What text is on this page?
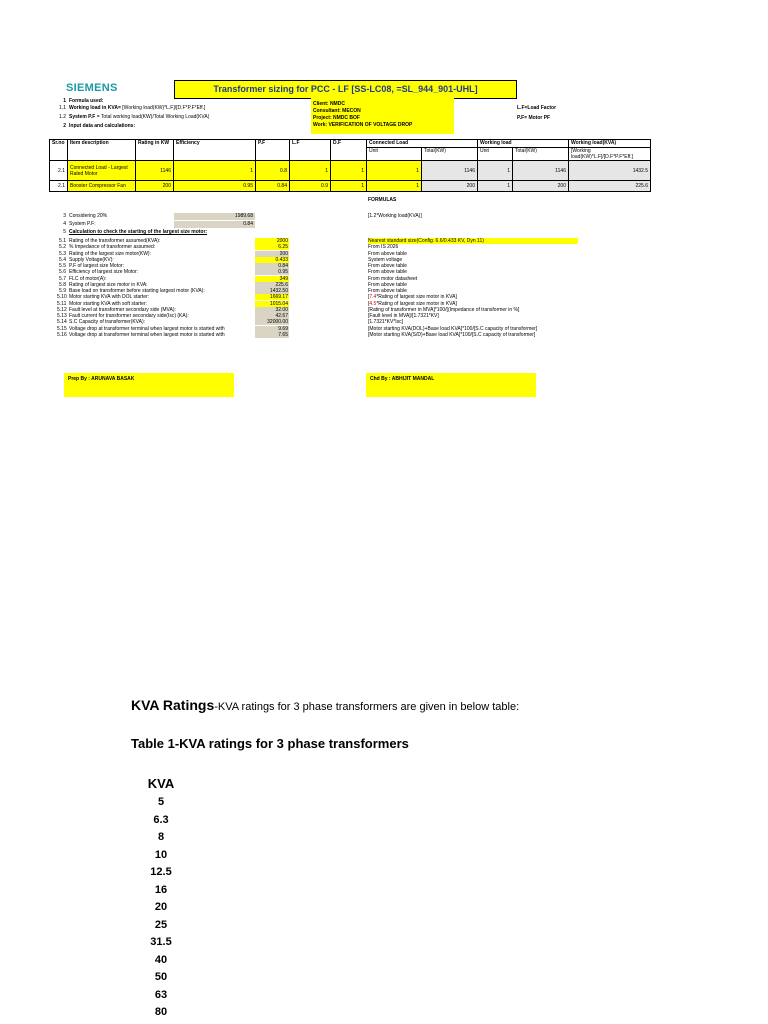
SIEMENS	Transformer sizing for PCC - LF [SS-LC08, =SL_944_901-UHL]
1 Formula used:
1.1 Working load in KVA= [Working load(KW)*L.F]/[D.F*P.F*Eff.]
1.2 System P.F = Total working load(KW)/Total Working Load(KVA)
2 Input data and calculations:
Client: NMDC
Consultant: MECON
Project: NMDC BOF
Work: VERIFICATION OF VOLTAGE DROP
L.F=Load Factor
P.F= Motor PF
Sr.no	Item description	Rating in KW	Efficiency	P.F	L.F	D.F	Connected Load		Working load		Working load(KVA)
							Unit	Total(KW)	Unit	Total(KW)	[Working load(KW)*L.F]/[D.F*P.F*Eff.]
2.1	Connected Load - Largest Rated Motor	1146	1	0.8	1	1	1	1146	1	1146	1432.5
2.1	Booster Compressor Fan	200	0.95	0.84	0.9	1	1	200	1	200	225.6
FORMULAS
3 Considering 20%	1989.68	[1.2*Working load(KVA)]
4 System P.F:	0.84
5 Calculation to check the starting of the largest size motor:
5.1 Rating of the transformer assumed(KVA):	2000	Nearest standard size(Config. 6.6/0.433 KV, Dyn 11)
5.2 % Impedance of transformer assumed:	6.25	From IS 2026
5.3 Rating of the largest size motor(KW):	200	From above table
5.4 Supply Voltage(KV):	0.433	System voltage
5.5 P.F of largest size Motor:	0.84	From above table
5.6 Efficiency of largest size Motor:	0.95	From above table
5.7 FLC of motor(A):	349	From motor datasheet
5.8 Rating of largest size motor in KVA:	225.6	From above table
5.9 Base load on transformer before starting largest motor (KVA):	1432.50	From above table
5.10 Motor starting KVA with DOL starter:	1669.17	[7.4*Rating of largest size motor in KVA]
5.11 Motor starting KVA with soft starter:	1015.04	[4.5*Rating of largest size motor in KVA]
5.12 Fault level at transformer secondary side (MVA):	32.00	[Rating of transformer in MVA]*100/[(Impedance of transformer in %]
5.13 Fault current for transformer secondary side(Isc) (KA):	42.67	[Fault level in MVA]/[1.7321*KV]
5.14 S.C Capacity of transformer(KVA):	32000.00	[1.7321*KV*Isc]
5.15 Voltage drop at transformer terminal when largest motor is started with	9.69	[Motor starting KVA(DOL)+Base load KVA]*100/[S.C capacity of transformer]
5.16 Voltage drop at transformer terminal when largest motor is started with	7.65	[Motor starting KVA(S/D)+Base load KVA]*100/[S.C capacity of transformer]
Prep By : ARUNAVA BASAK	Chd By : ABHIJIT MANDAL
KVA Ratings-KVA ratings for 3 phase transformers are given in below table:
Table 1-KVA ratings for 3 phase transformers
KVA
5
6.3
8
10
12.5
16
20
25
31.5
40
50
63
80
